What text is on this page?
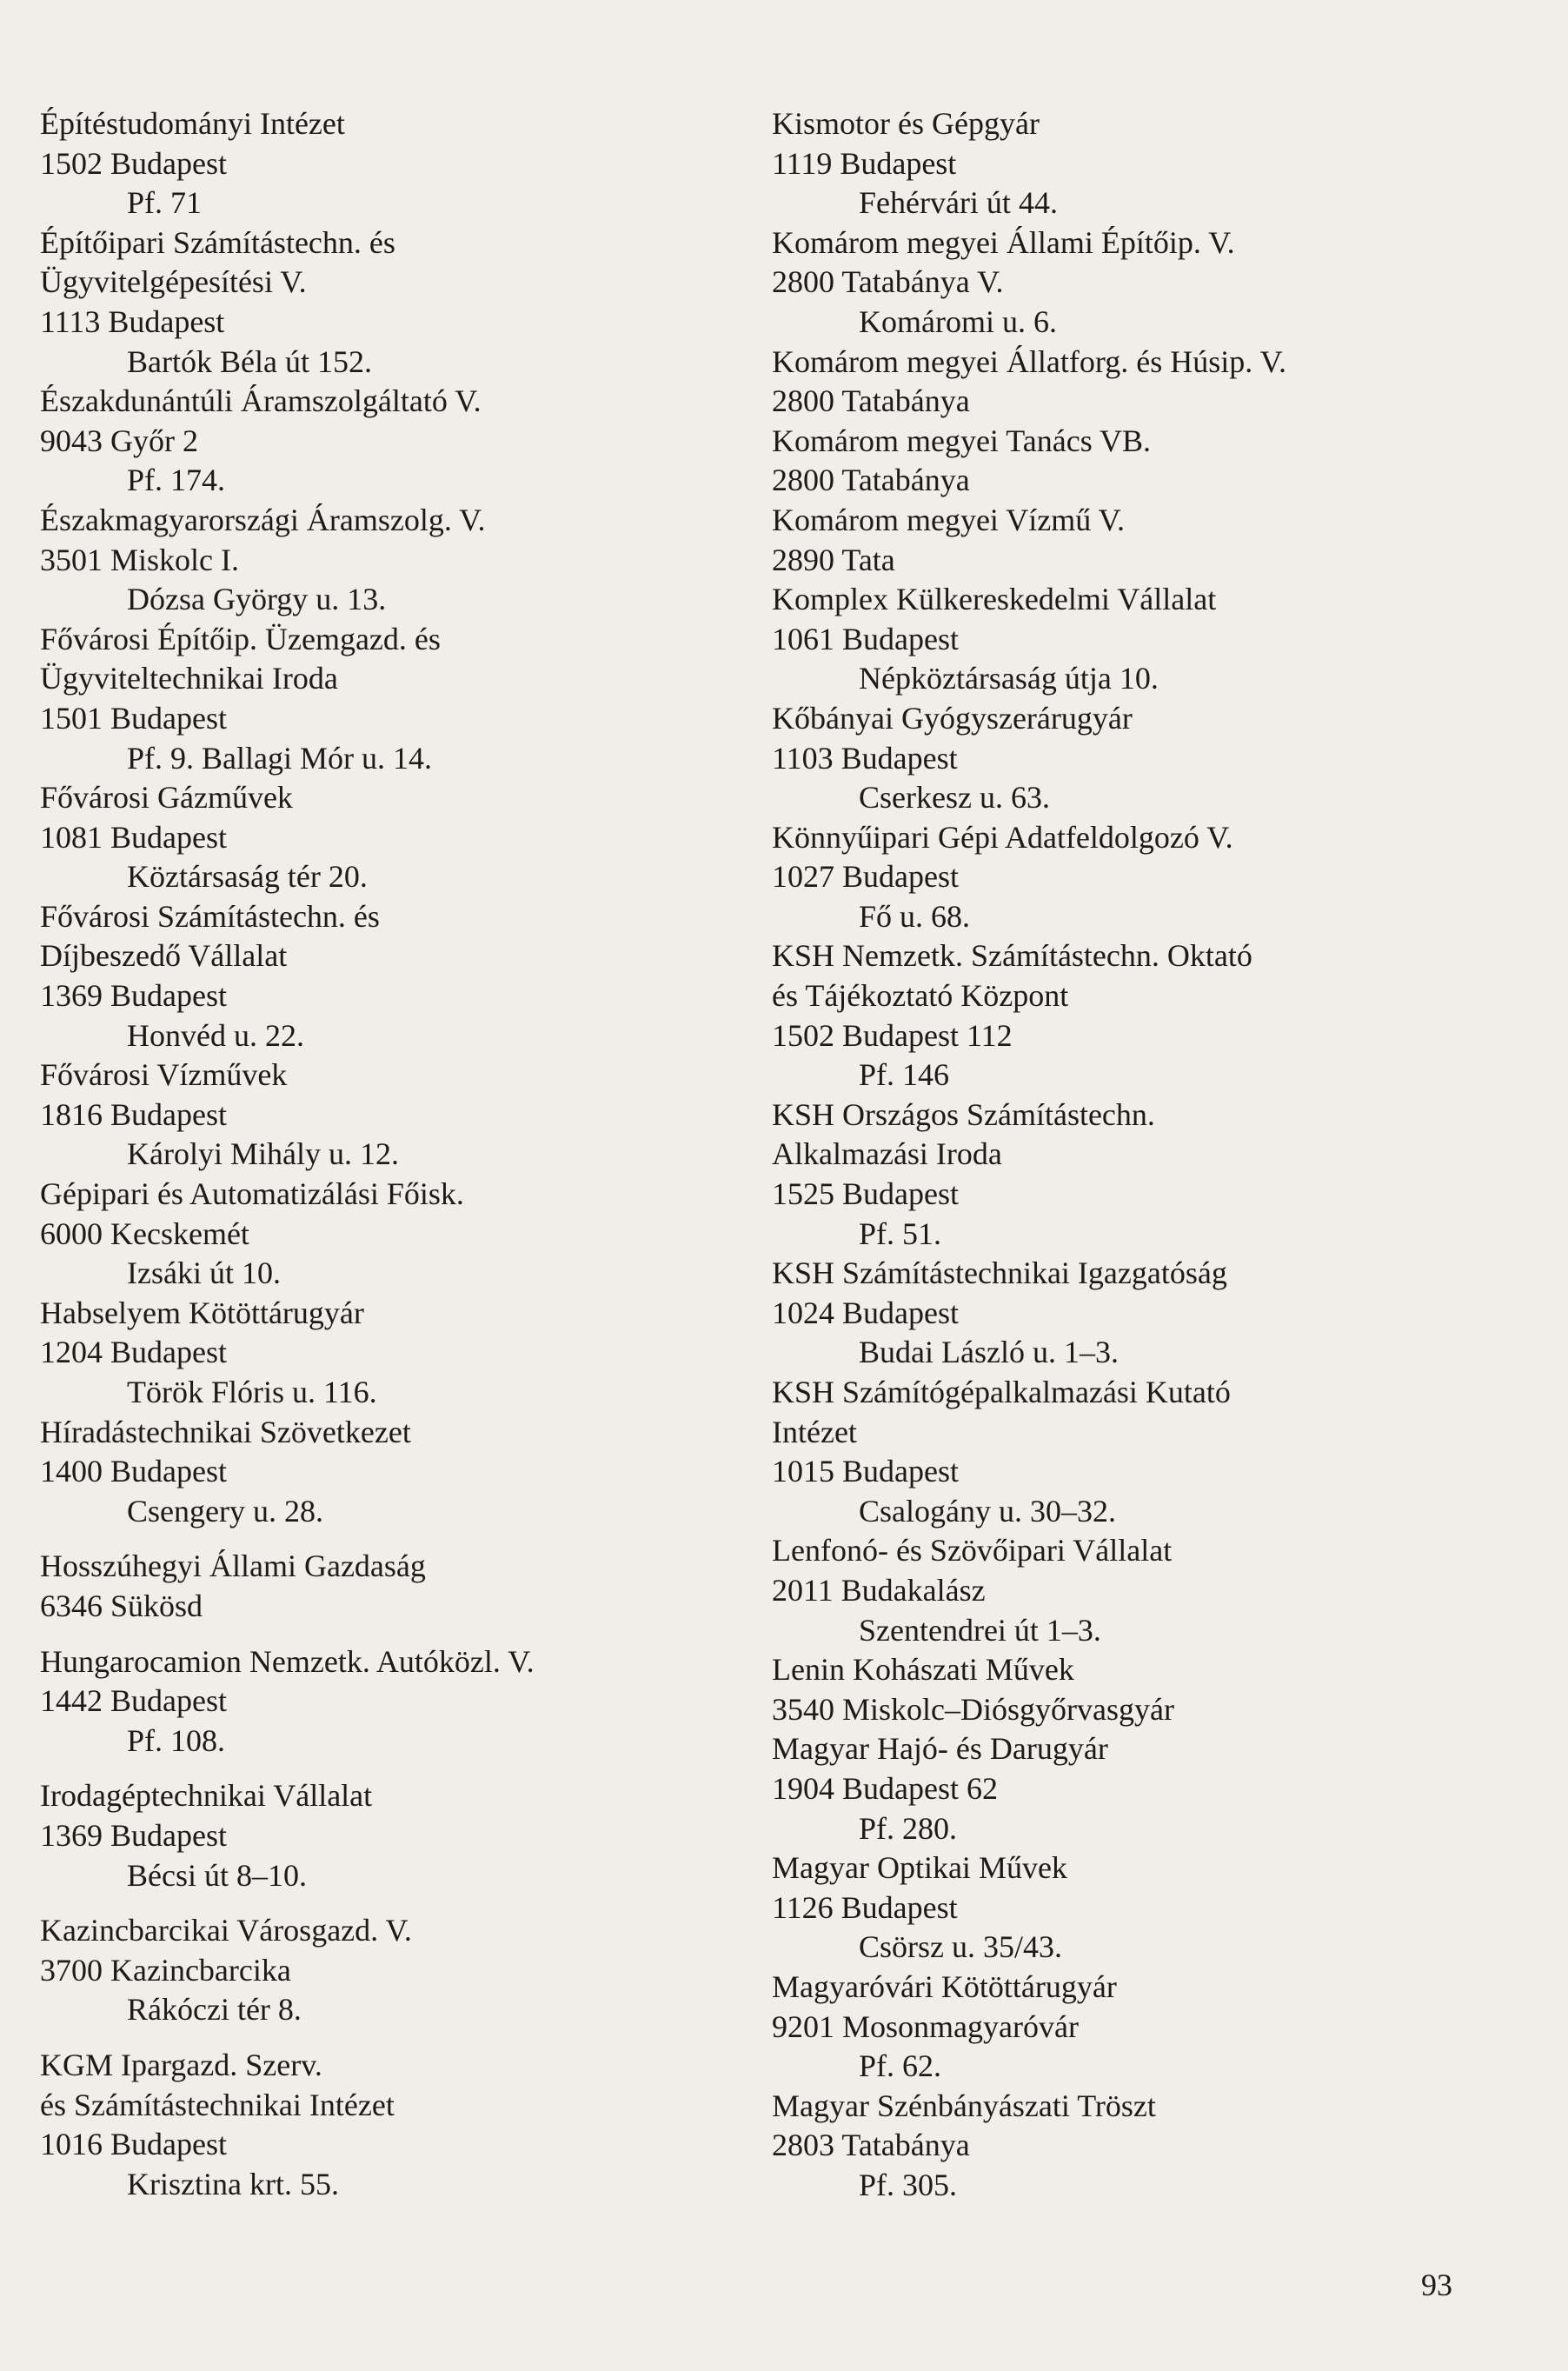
Építéstudományi Intézet
1502 Budapest
Pf. 71
Építőipari Számítástechn. és
Ügyvitelgépesítési V.
1113 Budapest
Bartók Béla út 152.
Északdunántúli Áramszolgáltató V.
9043 Győr 2
Pf. 174.
Északmagyarországi Áramszolg. V.
3501 Miskolc I.
Dózsa György u. 13.
Fővárosi Építőip. Üzemgazd. és
Ügyviteltechnikai Iroda
1501 Budapest
Pf. 9. Ballagi Mór u. 14.
Fővárosi Gázművek
1081 Budapest
Köztársaság tér 20.
Fővárosi Számítástechn. és
Díjbeszedő Vállalat
1369 Budapest
Honvéd u. 22.
Fővárosi Vízművek
1816 Budapest
Károlyi Mihály u. 12.
Gépipari és Automatizálási Főisk.
6000 Kecskemét
Izsáki út 10.
Habselyem Kötöttárugyár
1204 Budapest
Török Flóris u. 116.
Híradástechnikai Szövetkezet
1400 Budapest
Csengery u. 28.
Hosszúhegyi Állami Gazdaság
6346 Sükösd
Hungarocamion Nemzetk. Autóközl. V.
1442 Budapest
Pf. 108.
Irodagéptechnikai Vállalat
1369 Budapest
Bécsi út 8–10.
Kazincbarcikai Városgazd. V.
3700 Kazincbarcika
Rákóczi tér 8.
KGM Ipargazd. Szerv.
és Számítástechnikai Intézet
1016 Budapest
Krisztina krt. 55.
Kismotor és Gépgyár
1119 Budapest
Fehérvári út 44.
Komárom megyei Állami Építőip. V.
2800 Tatabánya V.
Komáromi u. 6.
Komárom megyei Állatforg. és Húsip. V.
2800 Tatabánya
Komárom megyei Tanács VB.
2800 Tatabánya
Komárom megyei Vízmű V.
2890 Tata
Komplex Külkereskedelmi Vállalat
1061 Budapest
Népköztársaság útja 10.
Kőbányai Gyógyszerárugyár
1103 Budapest
Cserkesz u. 63.
Könnyűipari Gépi Adatfeldolgozó V.
1027 Budapest
Fő u. 68.
KSH Nemzetk. Számítástechn. Oktató
és Tájékoztató Központ
1502 Budapest 112
Pf. 146
KSH Országos Számítástechn.
Alkalmazási Iroda
1525 Budapest
Pf. 51.
KSH Számítástechnikai Igazgatóság
1024 Budapest
Budai László u. 1–3.
KSH Számítógépalkalmazási Kutató
Intézet
1015 Budapest
Csalogány u. 30–32.
Lenfonó- és Szövőipari Vállalat
2011 Budakalász
Szentendrei út 1–3.
Lenin Kohászati Művek
3540 Miskolc–Diósgyőrvasgyár
Magyar Hajó- és Darugyár
1904 Budapest 62
Pf. 280.
Magyar Optikai Művek
1126 Budapest
Csörsz u. 35/43.
Magyaróvári Kötöttárugyár
9201 Mosonmagyaróvár
Pf. 62.
Magyar Szénbányászati Tröszt
2803 Tatabánya
Pf. 305.
93
